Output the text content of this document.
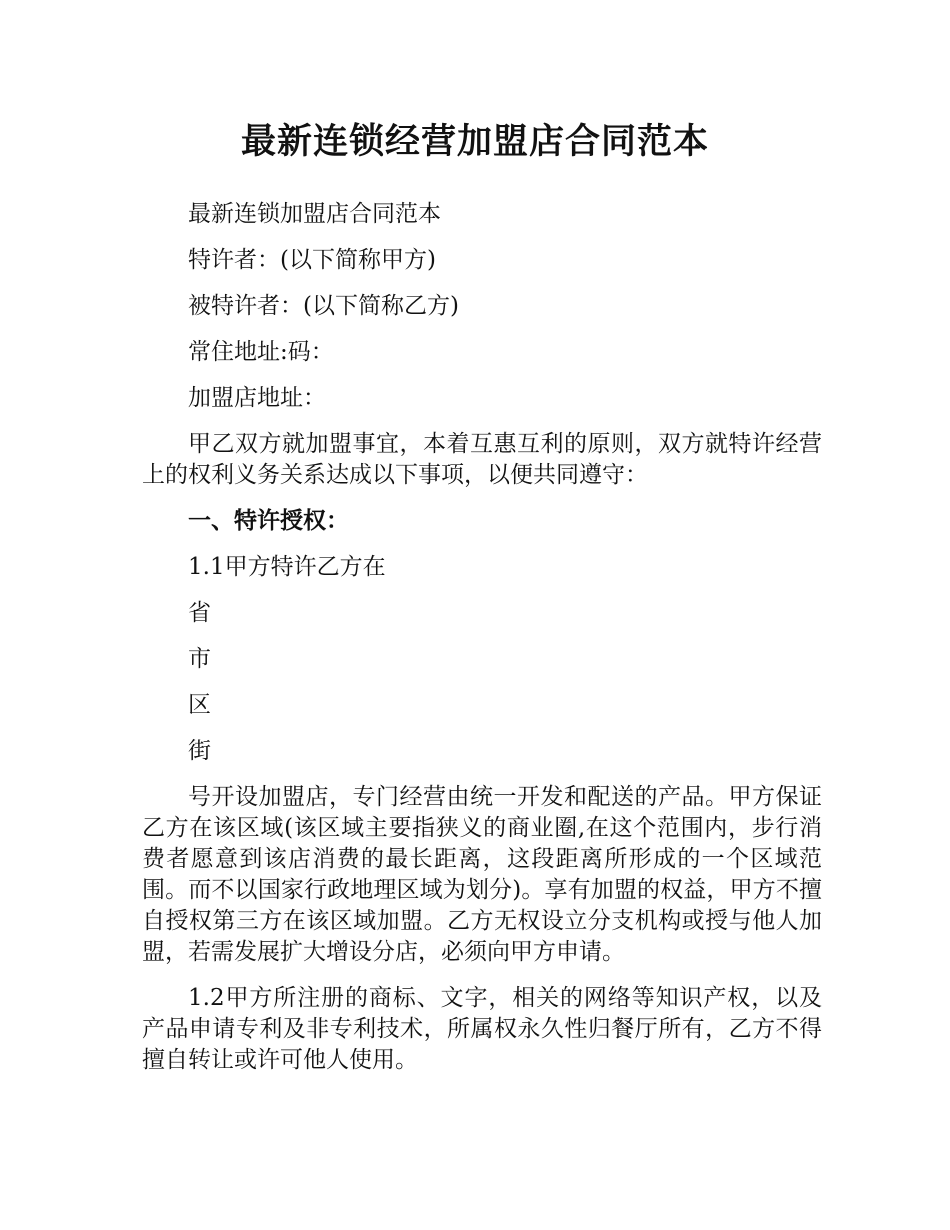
最新连锁经营加盟店合同范本

最新连锁加盟店合同范本

特许者：(以下简称甲方)

被特许者：(以下简称乙方)

常住地址:码：

加盟店地址：

甲乙双方就加盟事宜，本着互惠互利的原则，双方就特许经营上的权利义务关系达成以下事项，以便共同遵守：

一、特许授权：

1.1甲方特许乙方在

省

市

区

街

号开设加盟店，专门经营由统一开发和配送的产品。甲方保证乙方在该区域(该区域主要指狭义的商业圈,在这个范围内，步行消费者愿意到该店消费的最长距离，这段距离所形成的一个区域范围。而不以国家行政地理区域为划分)。享有加盟的权益，甲方不擅自授权第三方在该区域加盟。乙方无权设立分支机构或授与他人加盟，若需发展扩大增设分店，必须向甲方申请。

1.2甲方所注册的商标、文字，相关的网络等知识产权，以及产品申请专利及非专利技术，所属权永久性归餐厅所有，乙方不得擅自转让或许可他人使用。
